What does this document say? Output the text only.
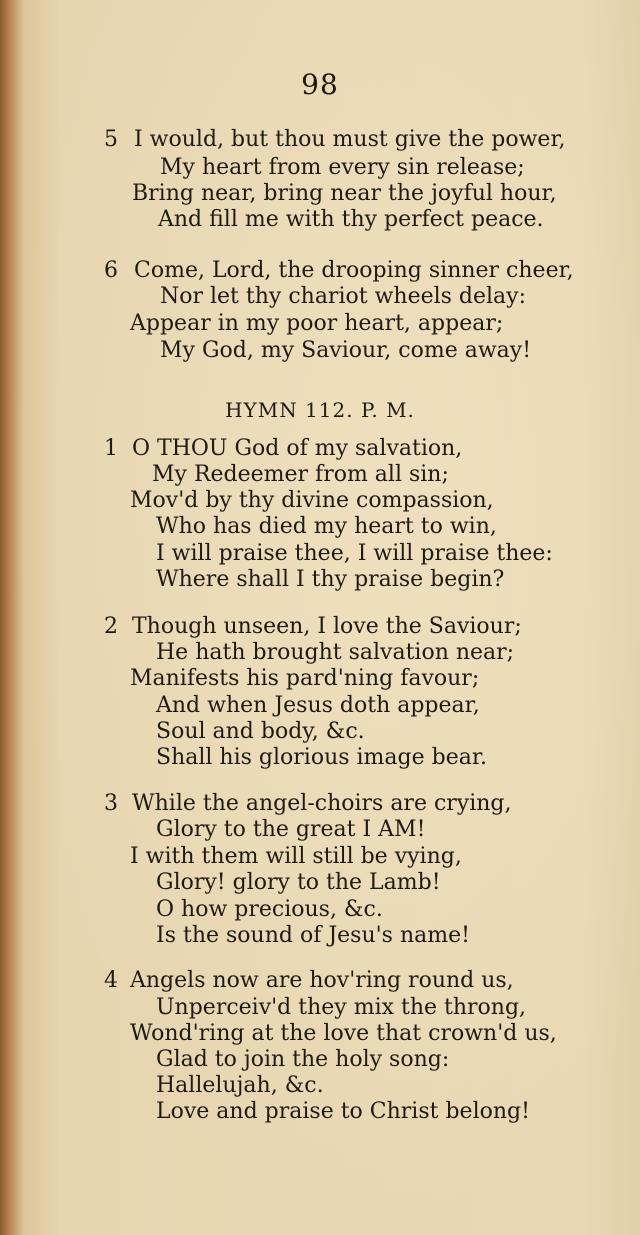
98
5 I would, but thou must give the power,
My heart from every sin release;
Bring near, bring near the joyful hour,
And fill me with thy perfect peace.
6 Come, Lord, the drooping sinner cheer,
Nor let thy chariot wheels delay:
Appear in my poor heart, appear;
My God, my Saviour, come away!
HYMN 112. P. M.
1 O THOU God of my salvation,
My Redeemer from all sin;
Mov'd by thy divine compassion,
Who has died my heart to win,
I will praise thee, I will praise thee:
Where shall I thy praise begin?
2 Though unseen, I love the Saviour;
He hath brought salvation near;
Manifests his pard'ning favour;
And when Jesus doth appear,
Soul and body, &c.
Shall his glorious image bear.
3 While the angel-choirs are crying,
Glory to the great I AM!
I with them will still be vying,
Glory! glory to the Lamb!
O how precious, &c.
Is the sound of Jesu's name!
4 Angels now are hov'ring round us,
Unperceiv'd they mix the throng,
Wond'ring at the love that crown'd us,
Glad to join the holy song:
Hallelujah, &c.
Love and praise to Christ belong!
